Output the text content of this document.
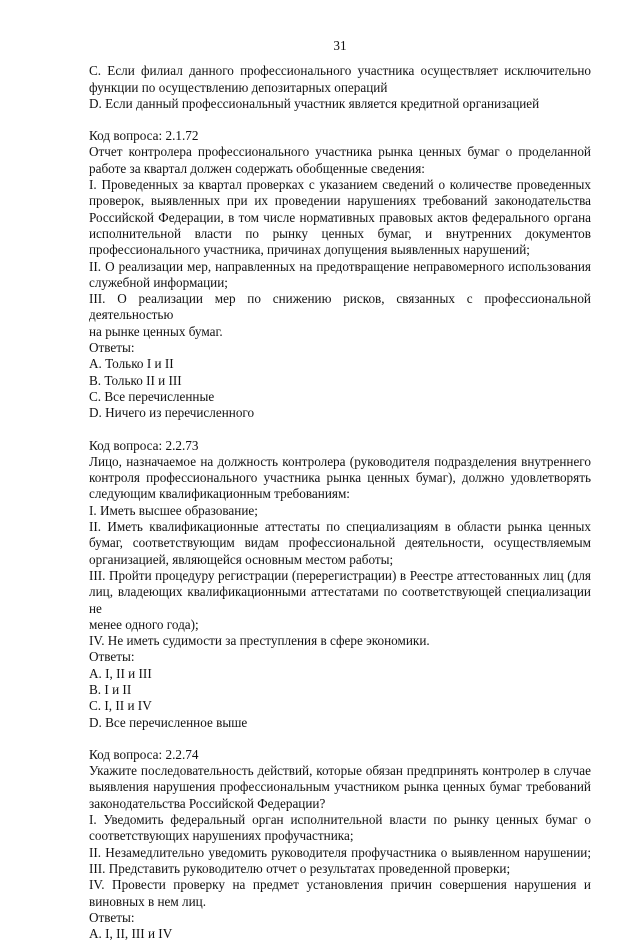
31
C. Если филиал данного профессионального участника осуществляет исключительно
функции по осуществлению депозитарных операций
D. Если данный профессиональный участник является кредитной организацией
Код вопроса: 2.1.72
Отчет контролера профессионального участника рынка ценных бумаг о проделанной
работе за квартал должен содержать обобщенные сведения:
I. Проведенных за квартал проверках с указанием сведений о количестве проведенных
проверок, выявленных при их проведении нарушениях требований законодательства
Российской Федерации, в том числе нормативных правовых актов федерального органа
исполнительной власти по рынку ценных бумаг, и внутренних документов
профессионального участника, причинах допущения выявленных нарушений;
II. О реализации мер, направленных на предотвращение неправомерного использования
служебной информации;
III. О реализации мер по снижению рисков, связанных с профессиональной деятельностью
на рынке ценных бумаг.
Ответы:
A. Только I и II
B. Только II и III
C. Все перечисленные
D. Ничего из перечисленного
Код вопроса: 2.2.73
Лицо, назначаемое на должность контролера (руководителя подразделения внутреннего
контроля профессионального участника рынка ценных бумаг), должно удовлетворять
следующим квалификационным требованиям:
I. Иметь высшее образование;
II. Иметь квалификационные аттестаты по специализациям в области рынка ценных
бумаг, соответствующим видам профессиональной деятельности, осуществляемым
организацией, являющейся основным местом работы;
III. Пройти процедуру регистрации (перерегистрации) в Реестре аттестованных лиц (для
лиц, владеющих квалификационными аттестатами по соответствующей специализации не
менее одного года);
IV. Не иметь судимости за преступления в сфере экономики.
Ответы:
A. I, II и III
B. I и II
C. I, II и IV
D. Все перечисленное выше
Код вопроса: 2.2.74
Укажите последовательность действий, которые обязан предпринять контролер в случае
выявления нарушения профессиональным участником рынка ценных бумаг требований
законодательства Российской Федерации?
I. Уведомить федеральный орган исполнительной власти по рынку ценных бумаг о
соответствующих нарушениях профучастника;
II. Незамедлительно уведомить руководителя профучастника о выявленном нарушении;
III. Представить руководителю отчет о результатах проведенной проверки;
IV. Провести проверку на предмет установления причин совершения нарушения и
виновных в нем лиц.
Ответы:
A. I, II, III и IV
